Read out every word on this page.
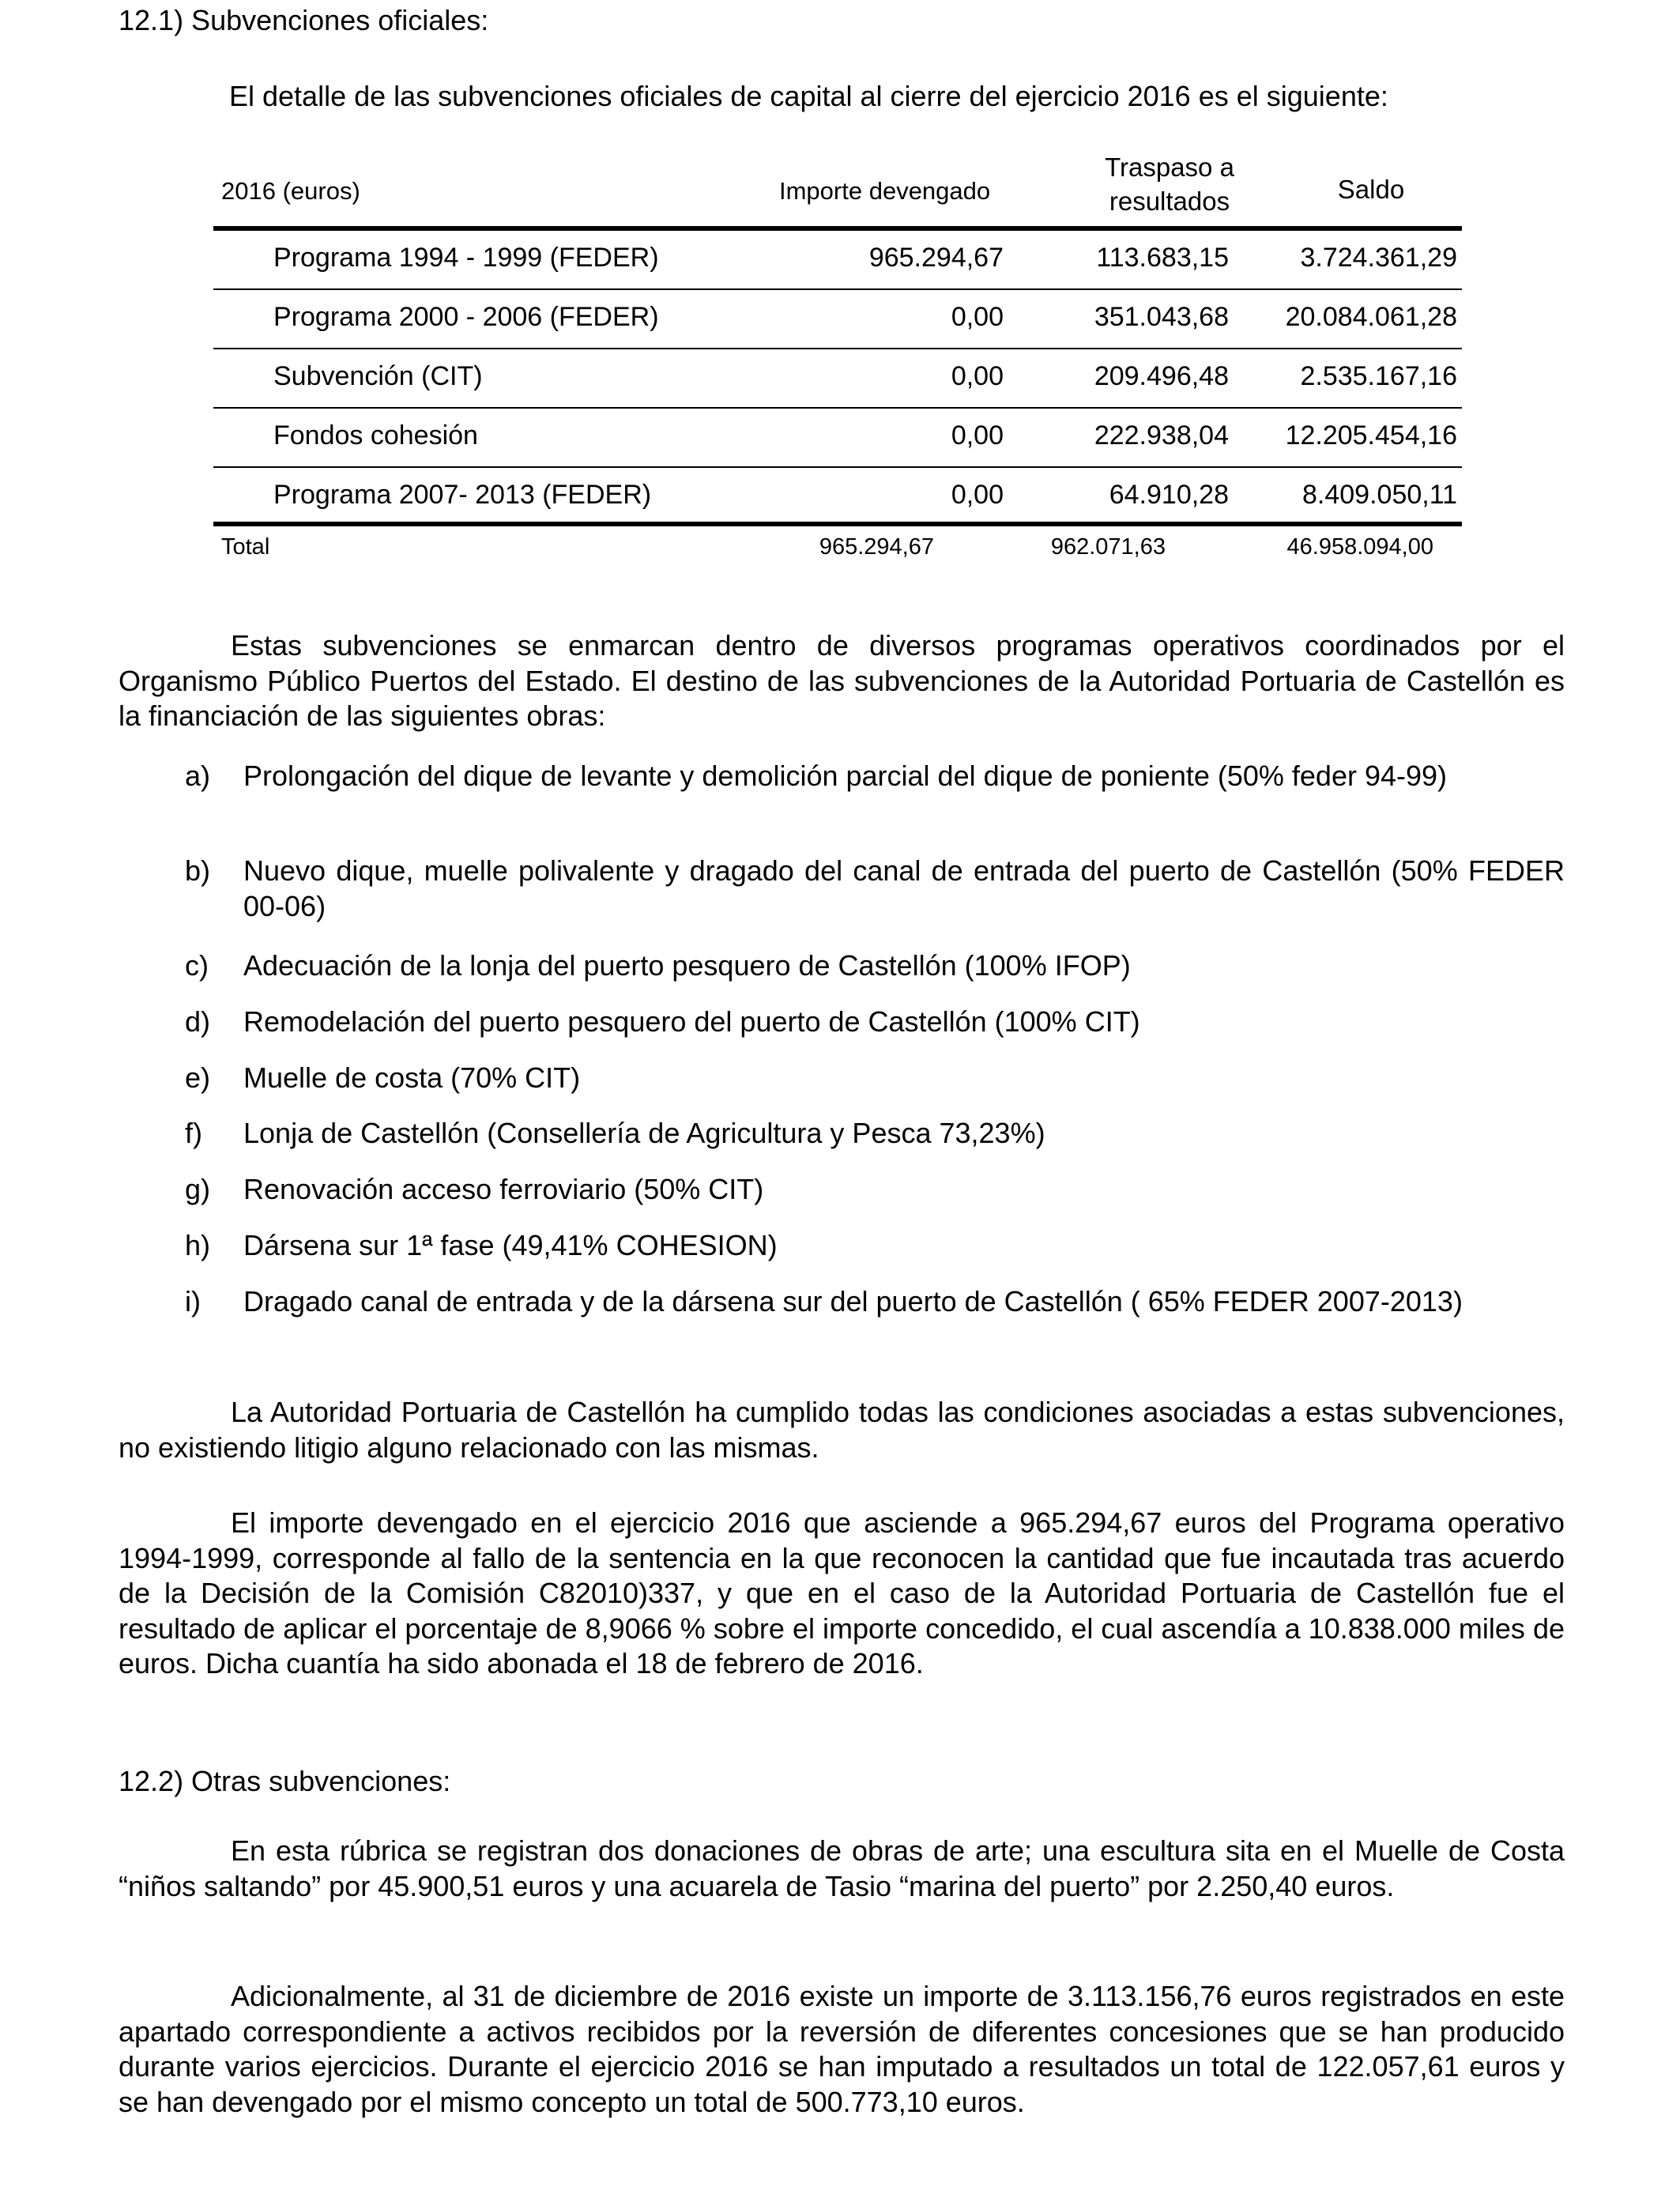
12.1) Subvenciones oficiales:
El detalle de las subvenciones oficiales de capital al cierre del ejercicio 2016 es el siguiente:
2016 (euros)	Importe devengado
Traspaso a
resultados	Saldo
Programa 1994 - 1999 (FEDER)	965.294,67	113.683,15	3.724.361,29
Programa 2000 - 2006 (FEDER)	0,00	351.043,68 20.084.061,28
Subvención (CIT)	0,00	209.496,48	2.535.167,16
Fondos cohesión	0,00	222.938,04 12.205.454,16
Programa 2007- 2013 (FEDER)	0,00	64.910,28	8.409.050,11
Total	965.294,67	962.071,63	46.958.094,00
Estas subvenciones se enmarcan dentro de diversos programas operativos coordinados por el Organismo Público Puertos del Estado. El destino de las subvenciones de la Autoridad Portuaria de Castellón es la financiación de las siguientes obras:
a) Prolongación del dique de levante y demolición parcial del dique de poniente (50% feder 94-99)
b) Nuevo dique, muelle polivalente y dragado del canal de entrada del puerto de Castellón (50% FEDER 00-06)
c) Adecuación de la lonja del puerto pesquero de Castellón (100% IFOP)
d) Remodelación del puerto pesquero del puerto de Castellón (100% CIT)
e) Muelle de costa (70% CIT)
f) Lonja de Castellón (Consellería de Agricultura y Pesca 73,23%)
g) Renovación acceso ferroviario (50% CIT)
h) Dársena sur 1ª fase (49,41% COHESION)
i) Dragado canal de entrada y de la dársena sur del puerto de Castellón ( 65% FEDER 2007-2013)
La Autoridad Portuaria de Castellón ha cumplido todas las condiciones asociadas a estas subvenciones, no existiendo litigio alguno relacionado con las mismas.
El importe devengado en el ejercicio 2016 que asciende a 965.294,67 euros del Programa operativo 1994-1999, corresponde al fallo de la sentencia en la que reconocen la cantidad que fue incautada tras acuerdo de la Decisión de la Comisión C82010)337, y que en el caso de la Autoridad Portuaria de Castellón fue el resultado de aplicar el porcentaje de 8,9066 % sobre el importe concedido, el cual ascendía a 10.838.000 miles de euros. Dicha cuantía ha sido abonada el 18 de febrero de 2016.
12.2) Otras subvenciones:
En esta rúbrica se registran dos donaciones de obras de arte; una escultura sita en el Muelle de Costa “niños saltando” por 45.900,51 euros y una acuarela de Tasio “marina del puerto” por 2.250,40 euros.
Adicionalmente, al 31 de diciembre de 2016 existe un importe de 3.113.156,76 euros registrados en este apartado correspondiente a activos recibidos por la reversión de diferentes concesiones que se han producido durante varios ejercicios. Durante el ejercicio 2016 se han imputado a resultados un total de 122.057,61 euros y se han devengado por el mismo concepto un total de 500.773,10 euros.
